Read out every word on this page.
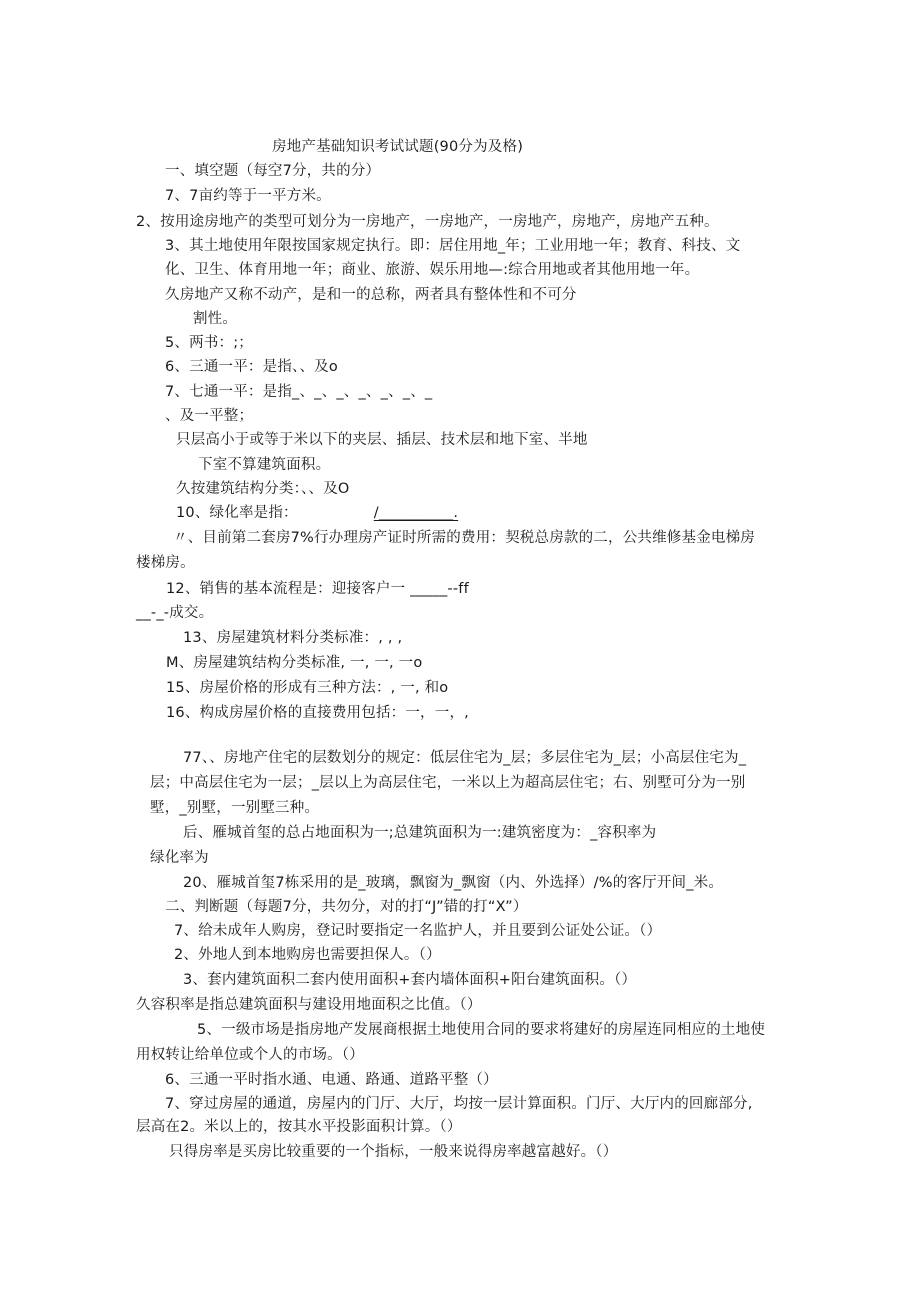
房地产基础知识考试试题(90分为及格)
一、填空题（每空7分，共的分）
7、7亩约等于一平方米。
2、按用途房地产的类型可划分为一房地产，一房地产，一房地产，房地产，房地产五种。
3、其土地使用年限按国家规定执行。即：居住用地_年；工业用地一年；教育、科技、文
化、卫生、体育用地一年；商业、旅游、娱乐用地—:综合用地或者其他用地一年。
久房地产又称不动产，是和一的总称，两者具有整体性和不可分
割性。
5、两书：;；
6、三通一平：是指、、及o
7、七通一平：是指_、_、_、_、_、_、_
、及一平整；
只层高小于或等于米以下的夹层、插层、技术层和地下室、半地
下室不算建筑面积。
久按建筑结构分类：、、及O
10、绿化率是指：	/__________.
〃、目前第二套房7%行办理房产证时所需的费用：契税总房款的二，公共维修基金电梯房
楼梯房。
12、销售的基本流程是：迎接客户一 _____--ff
__-_-成交。
13、房屋建筑材料分类标准：, , ,
M、房屋建筑结构分类标准, 一, 一, 一o
15、房屋价格的形成有三种方法：, 一, 和o
16、构成房屋价格的直接费用包括：一，一，,
77、、房地产住宅的层数划分的规定：低层住宅为_层；多层住宅为_层；小高层住宅为_
层；中高层住宅为一层；_层以上为高层住宅，一米以上为超高层住宅；右、别墅可分为一别
墅，_别墅，一别墅三种。
后、雁城首玺的总占地面积为一;总建筑面积为一:建筑密度为：_容积率为
绿化率为
20、雁城首玺7栋采用的是_玻璃，飘窗为_飘窗（内、外选择）/%的客厅开间_米。
二、判断题（每题7分，共勿分，对的打“J”错的打“X”）
7、给未成年人购房，登记时要指定一名监护人，并且要到公证处公证。（）
2、外地人到本地购房也需要担保人。（）
3、套内建筑面积二套内使用面积+套内墙体面积+阳台建筑面积。（）
久容积率是指总建筑面积与建设用地面积之比值。（）
5、一级市场是指房地产发展商根据土地使用合同的要求将建好的房屋连同相应的土地使
用权转让给单位或个人的市场。（）
6、三通一平时指水通、电通、路通、道路平整（）
7、穿过房屋的通道，房屋内的门厅、大厅，均按一层计算面积。门厅、大厅内的回廊部分,
层高在2。米以上的，按其水平投影面积计算。（）
只得房率是买房比较重要的一个指标，一般来说得房率越富越好。（）
